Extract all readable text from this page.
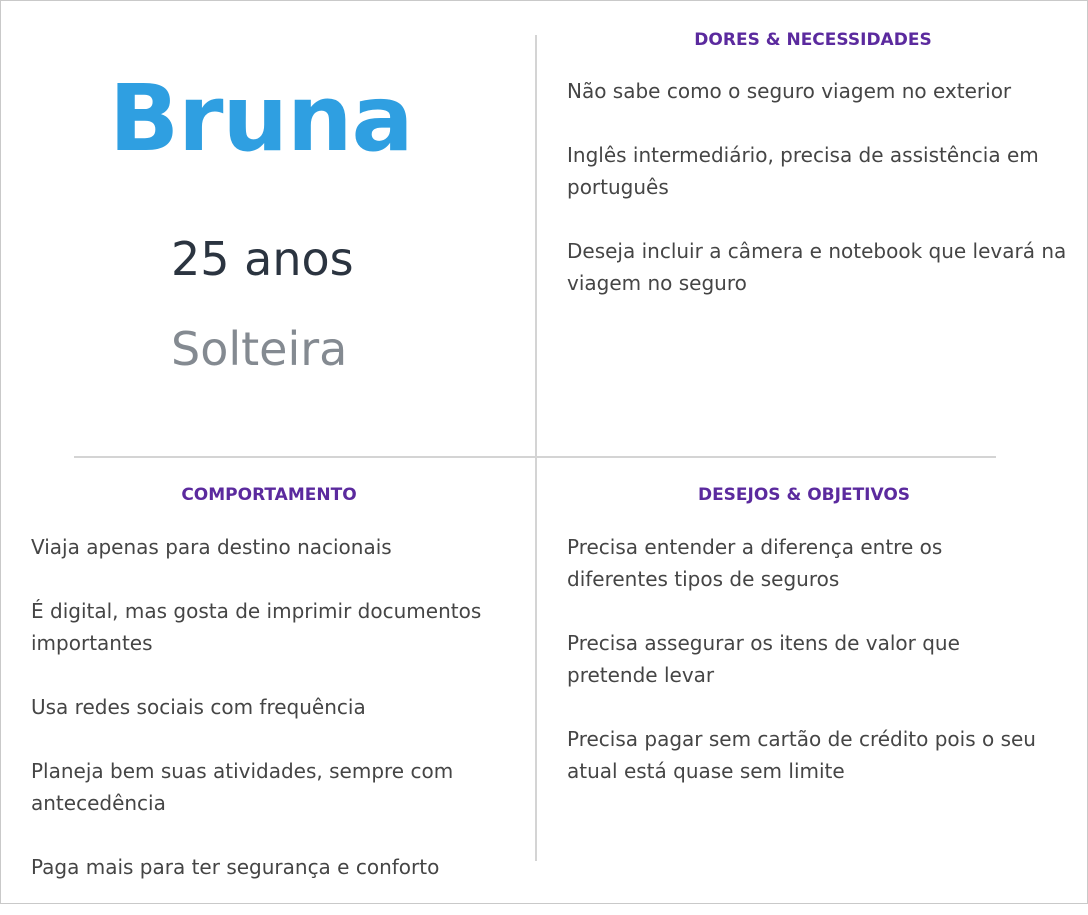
Bruna
25 anos
Solteira
DORES & NECESSIDADES
Não sabe como o seguro viagem no exterior
Inglês intermediário, precisa de assistência em português
Deseja incluir a câmera e notebook que levará na viagem no seguro
COMPORTAMENTO
Viaja apenas para destino nacionais
É digital, mas gosta de imprimir documentos importantes
Usa redes sociais com frequência
Planeja bem suas atividades, sempre com antecedência
Paga mais para ter segurança e conforto
DESEJOS & OBJETIVOS
Precisa entender a diferença entre os diferentes tipos de seguros
Precisa assegurar os itens de valor que pretende levar
Precisa pagar sem cartão de crédito pois o seu atual está quase sem limite
